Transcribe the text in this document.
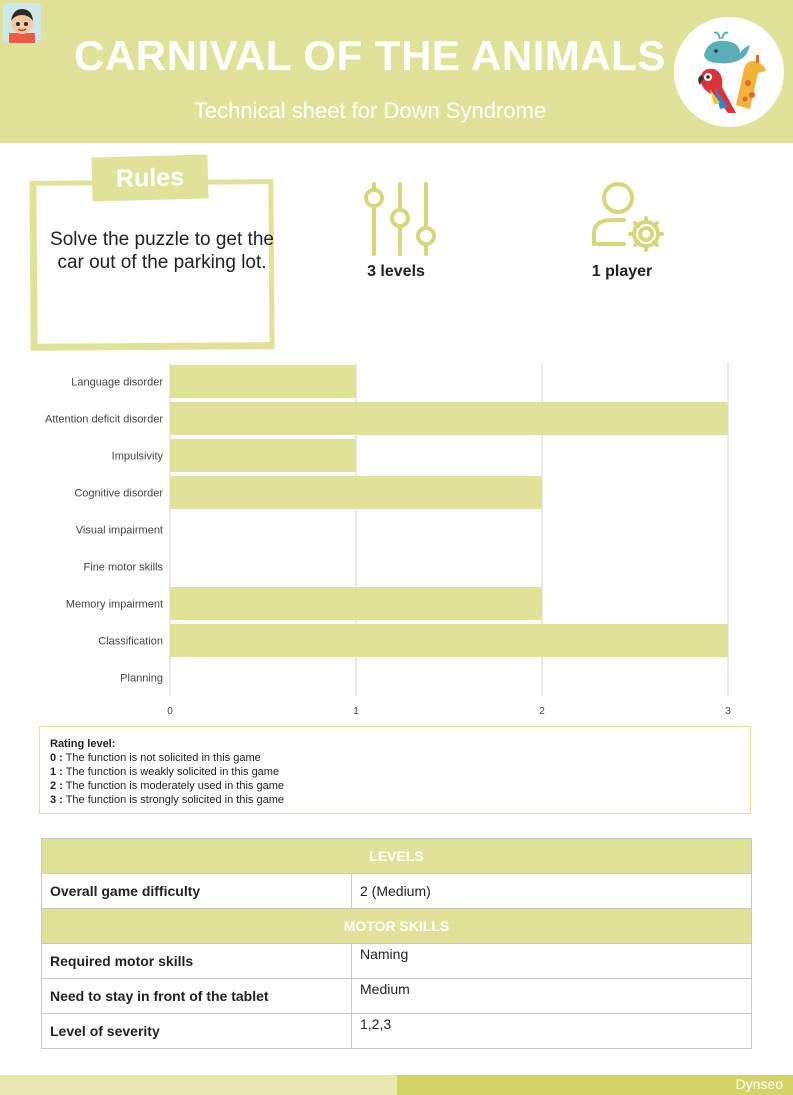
CARNIVAL OF THE ANIMALS
Technical sheet for Down Syndrome
Rules
Solve the puzzle to get the car out of the parking lot.	3 levels	1 player
0	1	2	3
Language disorder
Attention deficit disorder
Impulsivity
Cognitive disorder
Visual impairment
Fine motor skills
Memory impairment
Classification
Planning
Rating level:
0 : The function is not solicited in this game
1 : The function is weakly solicited in this game
2 : The function is moderately used in this game
3 : The function is strongly solicited in this game
LEVELS	
Overall game difficulty	2 (Medium)
MOTOR SKILLS	
Required motor skills	Naming
Need to stay in front of the tablet	Medium
Level of severity	1,2,3
Dynseo
